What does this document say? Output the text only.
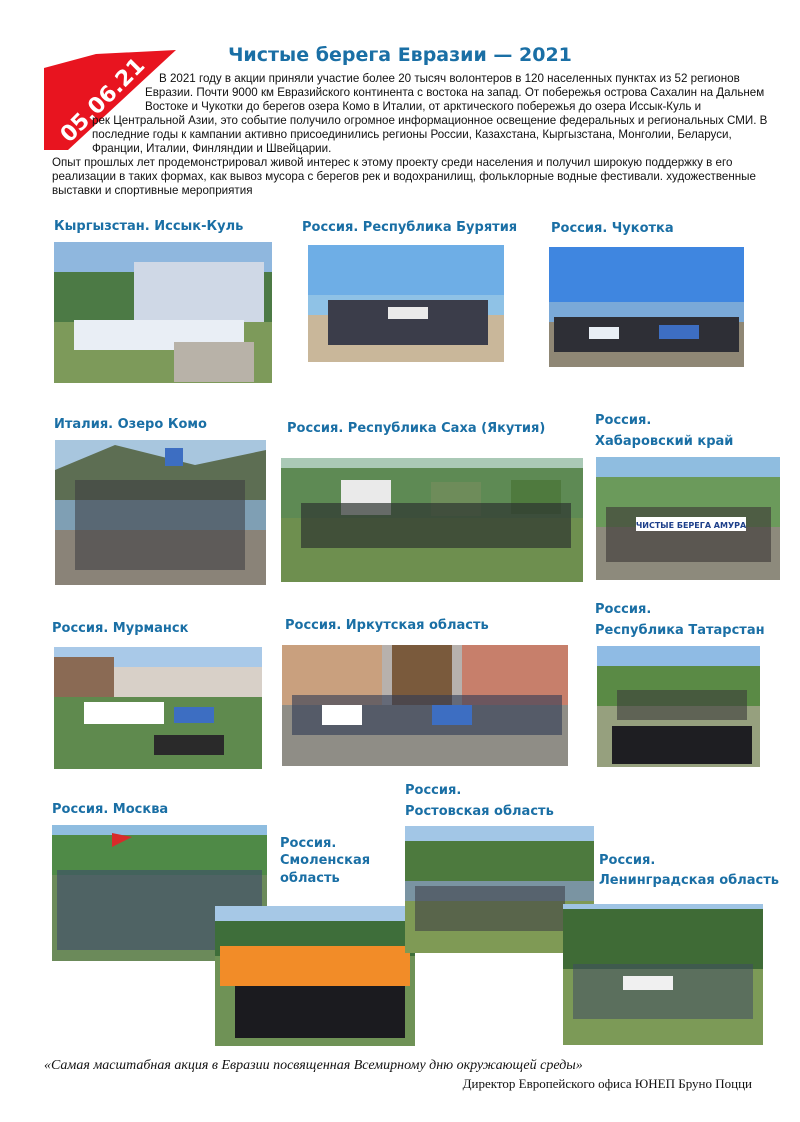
05.06.21	Чистые берега Евразии — 2021
В 2021 году в акции приняли участие более 20 тысяч волонтеров в 120 населенных пунктах из 52 регионов Евразии. Почти 9000 км Евразийского континента с востока на запад. От побережья острова Сахалин на Дальнем Востоке и Чукотки до берегов озера Комо в Италии, от арктического побережья до озера Иссык-Куль и
рек Центральной Азии, это событие получило огромное информационное освещение федеральных и региональных СМИ. В последние годы к кампании активно присоединились регионы России, Казахстана, Кыргызстана, Монголии, Беларуси, Франции, Италии, Финляндии и Швейцарии.
Опыт прошлых лет продемонстрировал живой интерес к этому проекту среди населения и получил широкую поддержку в его реализации в таких формах, как вывоз мусора с берегов рек и водохранилищ, фольклорные водные фестивали. художественные выставки и спортивные мероприятия
Кыргызстан. Иссык-Куль	Россия. Республика Бурятия	Россия. Чукотка
Италия. Озеро Комо	Россия. Республика Саха (Якутия)
Россия.
Хабаровский край
ЧИСТЫЕ БЕРЕГА АМУРА
Россия. Мурманск	Россия. Иркутская область
Россия.
Республика Татарстан
Россия. Москва
Россия.
Смоленская
область
Россия.
Ростовская область
Россия.
Ленинградская область
«Самая масштабная акция в Евразии посвященная Всемирному дню окружающей среды»
Директор Европейского офиса ЮНЕП Бруно Поцци
